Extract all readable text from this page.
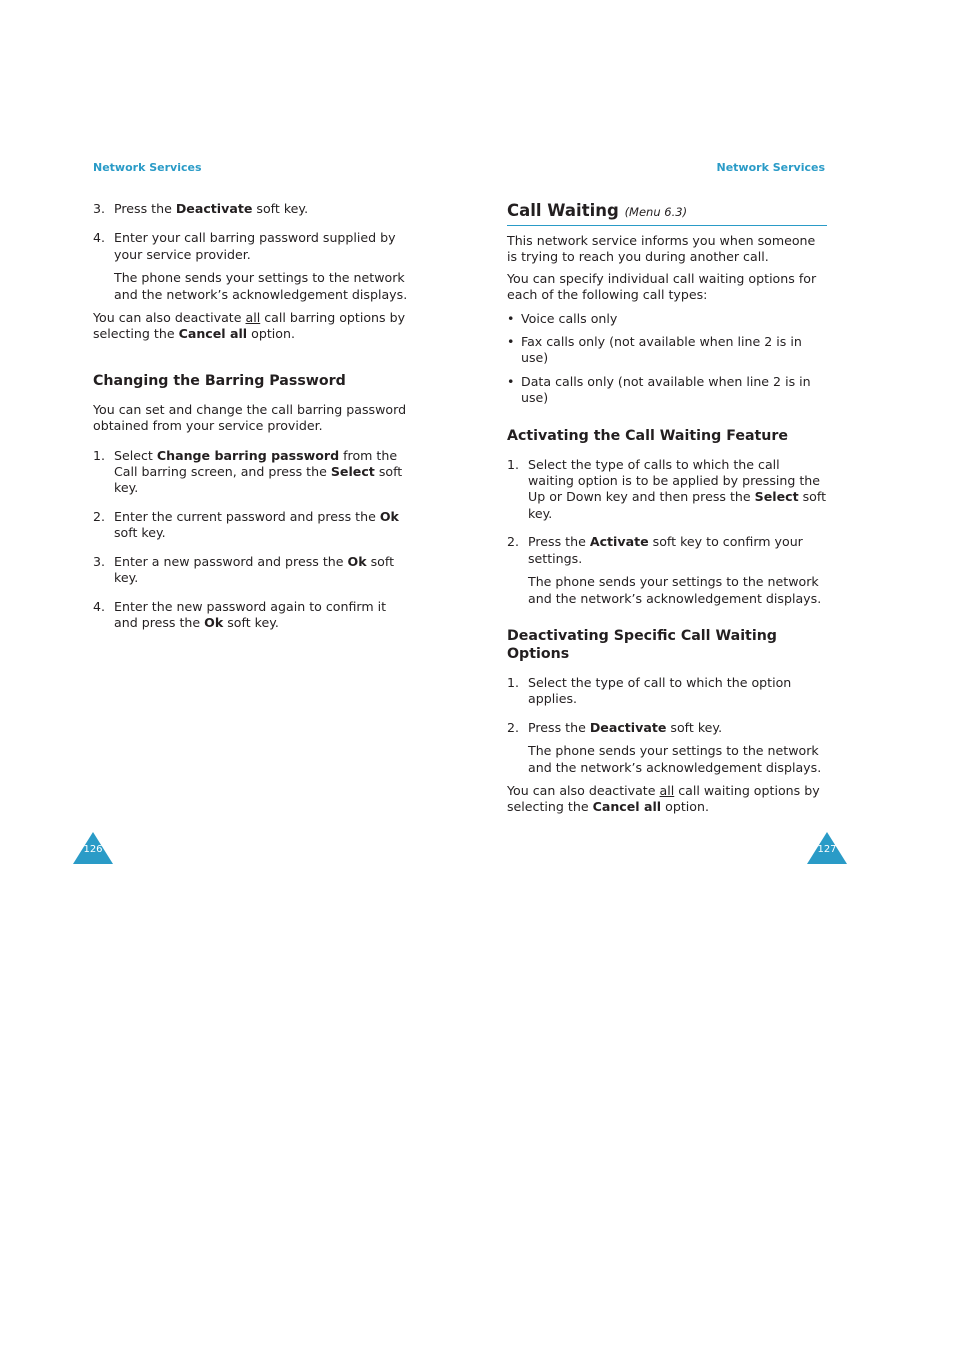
Network Services	Network Services
3. Press the Deactivate soft key.
4. Enter your call barring password supplied by your service provider.

The phone sends your settings to the network and the network’s acknowledgement displays.

You can also deactivate all call barring options by selecting the Cancel all option.

Changing the Barring Password

You can set and change the call barring password obtained from your service provider.

1. Select Change barring password from the Call barring screen, and press the Select soft key.
2. Enter the current password and press the Ok soft key.
3. Enter a new password and press the Ok soft key.
4. Enter the new password again to confirm it and press the Ok soft key.
Call Waiting (Menu 6.3)

This network service informs you when someone is trying to reach you during another call.

You can specify individual call waiting options for each of the following call types:

• Voice calls only
• Fax calls only (not available when line 2 is in use)
• Data calls only (not available when line 2 is in use)
Activating the Call Waiting Feature
1. Select the type of calls to which the call waiting option is to be applied by pressing the Up or Down key and then press the Select soft key.
2. Press the Activate soft key to confirm your settings.

The phone sends your settings to the network and the network’s acknowledgement displays.

Deactivating Specific Call Waiting Options
1. Select the type of call to which the option applies.
2. Press the Deactivate soft key.

The phone sends your settings to the network and the network’s acknowledgement displays.

You can also deactivate all call waiting options by selecting the Cancel all option.

126	127
